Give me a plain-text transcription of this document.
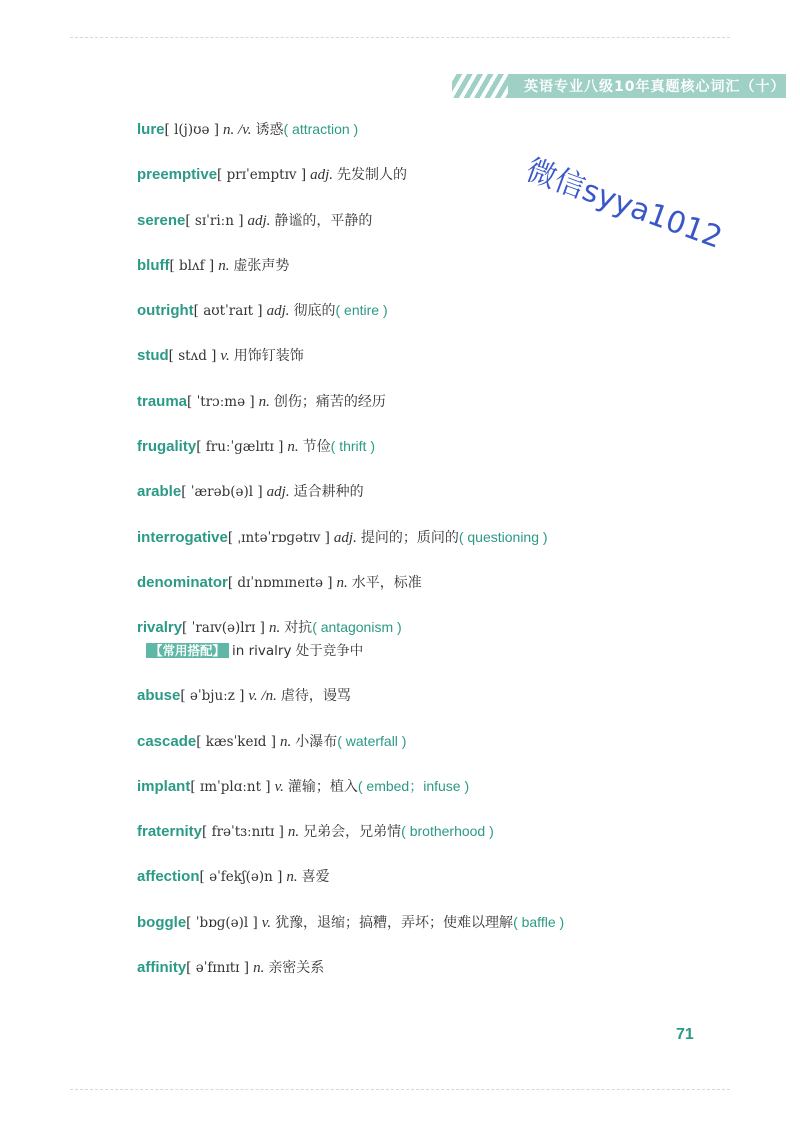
英语专业八级10年真题核心词汇（十）
微信syya1012
lure[ l(j)ʊə ] n. /v. 诱惑( attraction )
preemptive[ prɪˈemptɪv ] adj. 先发制人的
serene[ sɪˈriːn ] adj. 静谧的，平静的
bluff[ blʌf ] n. 虚张声势
outright[ aʊtˈraɪt ] adj. 彻底的( entire )
stud[ stʌd ] v. 用饰钉装饰
trauma[ ˈtrɔːmə ] n. 创伤；痛苦的经历
frugality[ fruːˈɡælɪtɪ ] n. 节俭( thrift )
arable[ ˈærəb(ə)l ] adj. 适合耕种的
interrogative[ ˌɪntəˈrɒɡətɪv ] adj. 提问的；质问的( questioning )
denominator[ dɪˈnɒmɪneɪtə ] n. 水平，标准
rivalry[ ˈraɪv(ə)lrɪ ] n. 对抗( antagonism )
【常用搭配】 in rivalry 处于竞争中
abuse[ əˈbjuːz ] v. /n. 虐待，谩骂
cascade[ kæsˈkeɪd ] n. 小瀑布( waterfall )
implant[ ɪmˈplɑːnt ] v. 灌输；植入( embed；infuse )
fraternity[ frəˈtɜːnɪtɪ ] n. 兄弟会，兄弟情( brotherhood )
affection[ əˈfekʃ(ə)n ] n. 喜爱
boggle[ ˈbɒɡ(ə)l ] v. 犹豫，退缩；搞糟，弄坏；使难以理解( baffle )
affinity[ əˈfɪnɪtɪ ] n. 亲密关系
71
